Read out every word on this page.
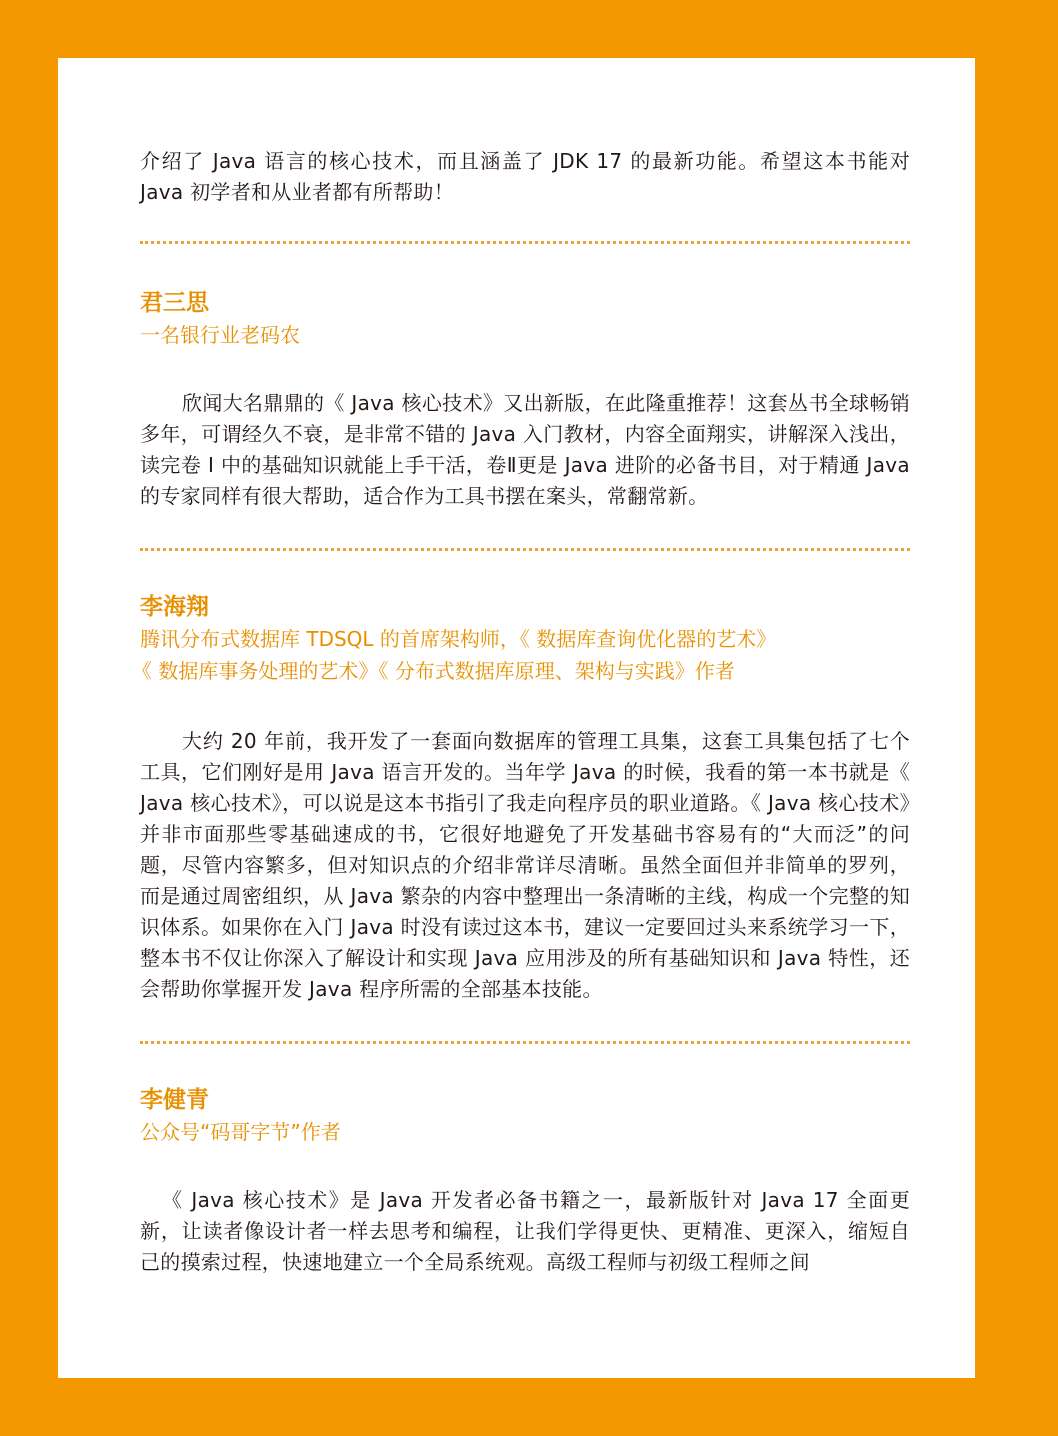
介绍了 Java 语言的核心技术，而且涵盖了 JDK 17 的最新功能。希望这本书能对 Java 初学者和从业者都有所帮助！

君三思

一名银行业老码农

欣闻大名鼎鼎的《 Java 核心技术》又出新版，在此隆重推荐！这套丛书全球畅销多年，可谓经久不衰，是非常不错的 Java 入门教材，内容全面翔实，讲解深入浅出，读完卷 I 中的基础知识就能上手干活，卷Ⅱ更是 Java 进阶的必备书目，对于精通 Java 的专家同样有很大帮助，适合作为工具书摆在案头，常翻常新。

李海翔

腾讯分布式数据库 TDSQL 的首席架构师，《 数据库查询优化器的艺术》

《 数据库事务处理的艺术》《 分布式数据库原理、架构与实践》作者

大约 20 年前，我开发了一套面向数据库的管理工具集，这套工具集包括了七个工具，它们刚好是用 Java 语言开发的。当年学 Java 的时候，我看的第一本书就是《 Java 核心技术》，可以说是这本书指引了我走向程序员的职业道路。《 Java 核心技术》并非市面那些零基础速成的书，它很好地避免了开发基础书容易有的“大而泛”的问题，尽管内容繁多，但对知识点的介绍非常详尽清晰。虽然全面但并非简单的罗列，而是通过周密组织，从 Java 繁杂的内容中整理出一条清晰的主线，构成一个完整的知识体系。如果你在入门 Java 时没有读过这本书，建议一定要回过头来系统学习一下，整本书不仅让你深入了解设计和实现 Java 应用涉及的所有基础知识和 Java 特性，还会帮助你掌握开发 Java 程序所需的全部基本技能。

李健青

公众号“码哥字节”作者

《 Java 核心技术》是 Java 开发者必备书籍之一，最新版针对 Java 17 全面更新，让读者像设计者一样去思考和编程，让我们学得更快、更精准、更深入，缩短自己的摸索过程，快速地建立一个全局系统观。高级工程师与初级工程师之间
